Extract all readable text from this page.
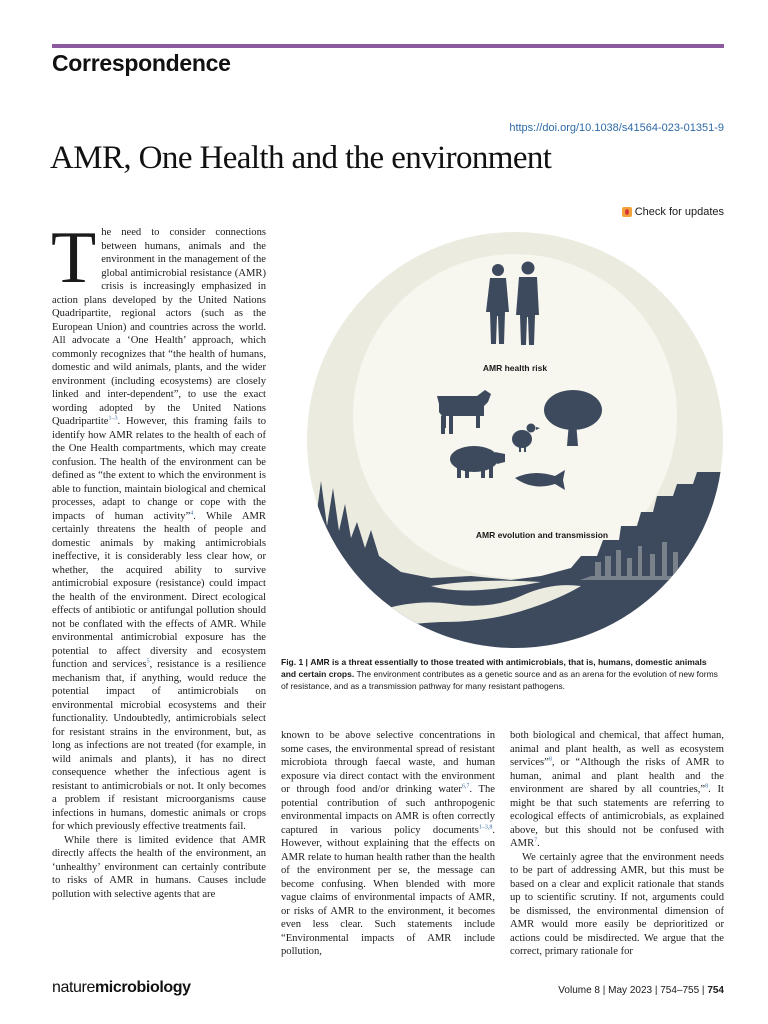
Correspondence
https://doi.org/10.1038/s41564-023-01351-9
AMR, One Health and the environment
Check for updates

The need to consider connections between humans, animals and the environment in the management of the global antimicrobial resistance (AMR) crisis is increasingly emphasized in action plans developed by the United Nations Quadripartite, regional actors (such as the European Union) and countries across the world. All advocate a ‘One Health’ approach, which commonly recognizes that “the health of humans, domestic and wild animals, plants, and the wider environment (including ecosystems) are closely linked and inter-dependent”, to use the exact wording adopted by the United Nations Quadripartite$^{1-3}$. However, this framing fails to identify how AMR relates to the health of each of the One Health compartments, which may create confusion. The health of the environment can be defined as “the extent to which the environment is able to function, maintain biological and chemical processes, adapt to change or cope with the impacts of human activity”$^4$. While AMR certainly threatens the health of people and domestic animals by making antimicrobials ineffective, it is considerably less clear how, or whether, the acquired ability to survive antimicrobial exposure (resistance) could impact the health of the environment. Direct ecological effects of antibiotic or antifungal pollution should not be conflated with the effects of AMR. While environmental antimicrobial exposure has the potential to affect diversity and ecosystem function and services$^5$, resistance is a resilience mechanism that, if anything, would reduce the potential impact of antimicrobials on environmental microbial ecosystems and their functionality. Undoubtedly, antimicrobials select for resistant strains in the environment, but, as long as infections are not treated (for example, in wild animals and plants), it has no direct consequence whether the infectious agent is resistant to antimicrobials or not. It only becomes a problem if resistant microorganisms cause infections in humans, domestic animals or crops for which previously effective treatments fail.

While there is limited evidence that AMR directly affects the health of the environment, an ‘unhealthy’ environment can certainly contribute to risks of AMR in humans. Causes include pollution with selective agents that are

AMR health risk
AMR evolution and transmission
Fig. 1 | AMR is a threat essentially to those treated with antimicrobials, that is, humans, domestic animals and certain crops. The environment contributes as a genetic source and as an arena for the evolution of new forms of resistance, and as a transmission pathway for many resistant pathogens.

known to be above selective concentrations in some cases, the environmental spread of resistant microbiota through faecal waste, and human exposure via direct contact with the environment or through food and/or drinking water$^{6,7}$. The potential contribution of such anthropogenic environmental impacts on AMR is often correctly captured in various policy documents$^{1-3,8}$. However, without explaining that the effects on AMR relate to human health rather than the health of the environment per se, the message can become confusing. When blended with more vague claims of environmental impacts of AMR, or risks of AMR to the environment, it becomes even less clear. Such statements include “Environmental impacts of AMR include pollution,

both biological and chemical, that affect human, animal and plant health, as well as ecosystem services”$^8$, or “Although the risks of AMR to human, animal and plant health and the environment are shared by all countries,”$^8$. It might be that such statements are referring to ecological effects of antimicrobials, as explained above, but this should not be confused with AMR$^7$.

We certainly agree that the environment needs to be part of addressing AMR, but this must be based on a clear and explicit rationale that stands up to scientific scrutiny. If not, arguments could be dismissed, the environmental dimension of AMR would more easily be deprioritized or actions could be misdirected. We argue that the correct, primary rationale for

naturemicrobiology	Volume 8 | May 2023 | 754–755 | 754
